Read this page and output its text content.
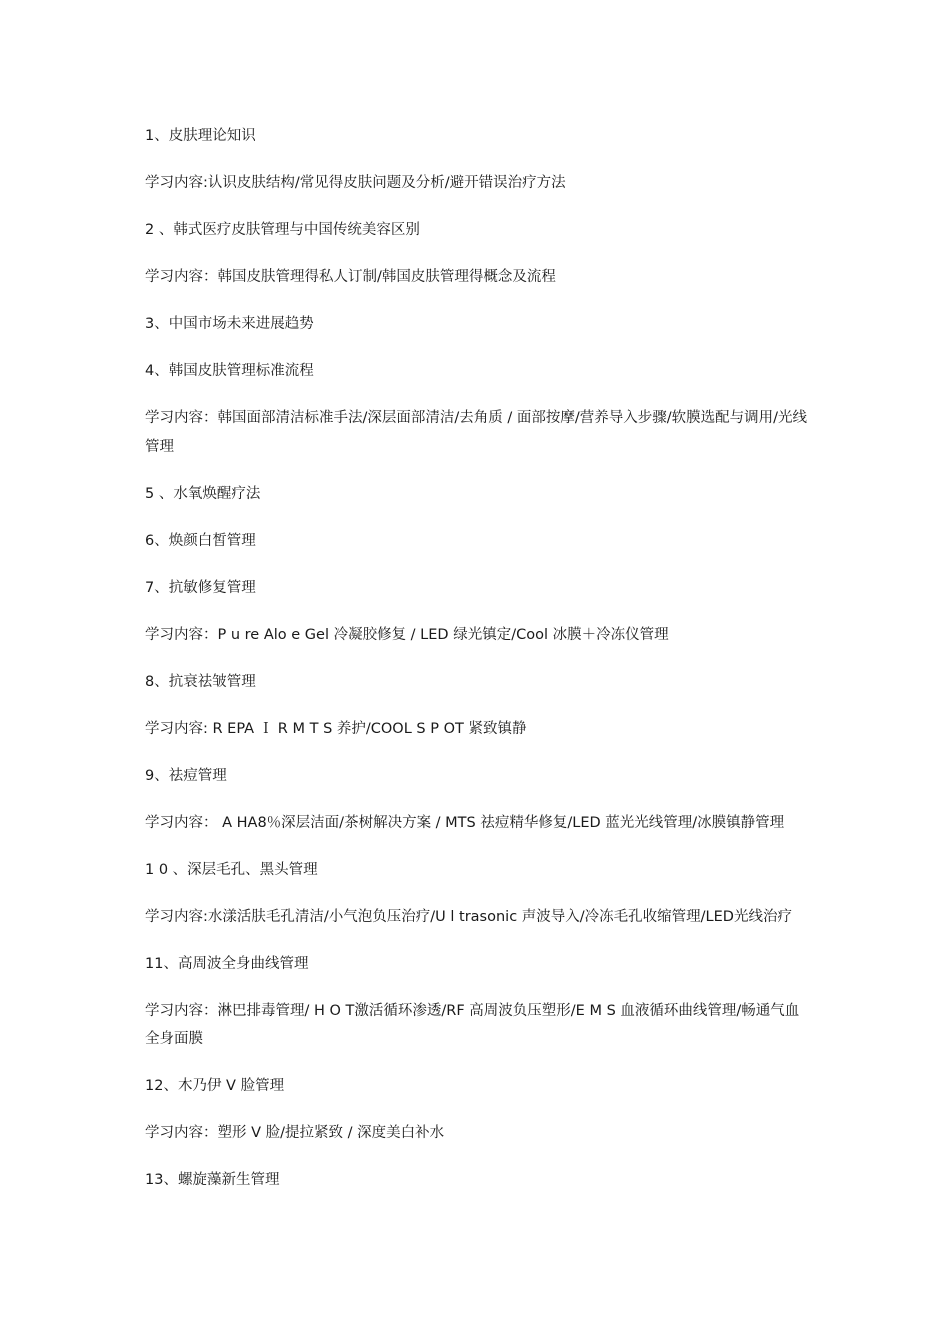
1、皮肤理论知识

学习内容:认识皮肤结构/常见得皮肤问题及分析/避开错误治疗方法

2 、韩式医疗皮肤管理与中国传统美容区别

学习内容：韩国皮肤管理得私人订制/韩国皮肤管理得概念及流程

3、中国市场未来进展趋势

4、韩国皮肤管理标准流程

学习内容：韩国面部清洁标准手法/深层面部清洁/去角质 / 面部按摩/营养导入步骤/软膜选配与调用/光线管理

5 、水氧焕醒疗法

6、焕颜白皙管理

7、抗敏修复管理

学习内容：P u re Alo e Gel 冷凝胶修复 / LED 绿光镇定/Cool 冰膜＋冷冻仪管理

8、抗衰祛皱管理

学习内容: R EPA Ｉ R M T S 养护/COOL S P OT 紧致镇静

9、祛痘管理

学习内容： A HA8％深层洁面/茶树解决方案 / MTS 祛痘精华修复/LED 蓝光光线管理/冰膜镇静管理

1 0 、深层毛孔、黑头管理

学习内容:水漾活肤毛孔清洁/小气泡负压治疗/U l trasonic 声波导入/冷冻毛孔收缩管理/LED光线治疗

11、高周波全身曲线管理

学习内容：淋巴排毒管理/ H O T激活循环渗透/RF 高周波负压塑形/E M S 血液循环曲线管理/畅通气血全身面膜

12、木乃伊 V 脸管理

学习内容：塑形 V 脸/提拉紧致 / 深度美白补水

13、螺旋藻新生管理
